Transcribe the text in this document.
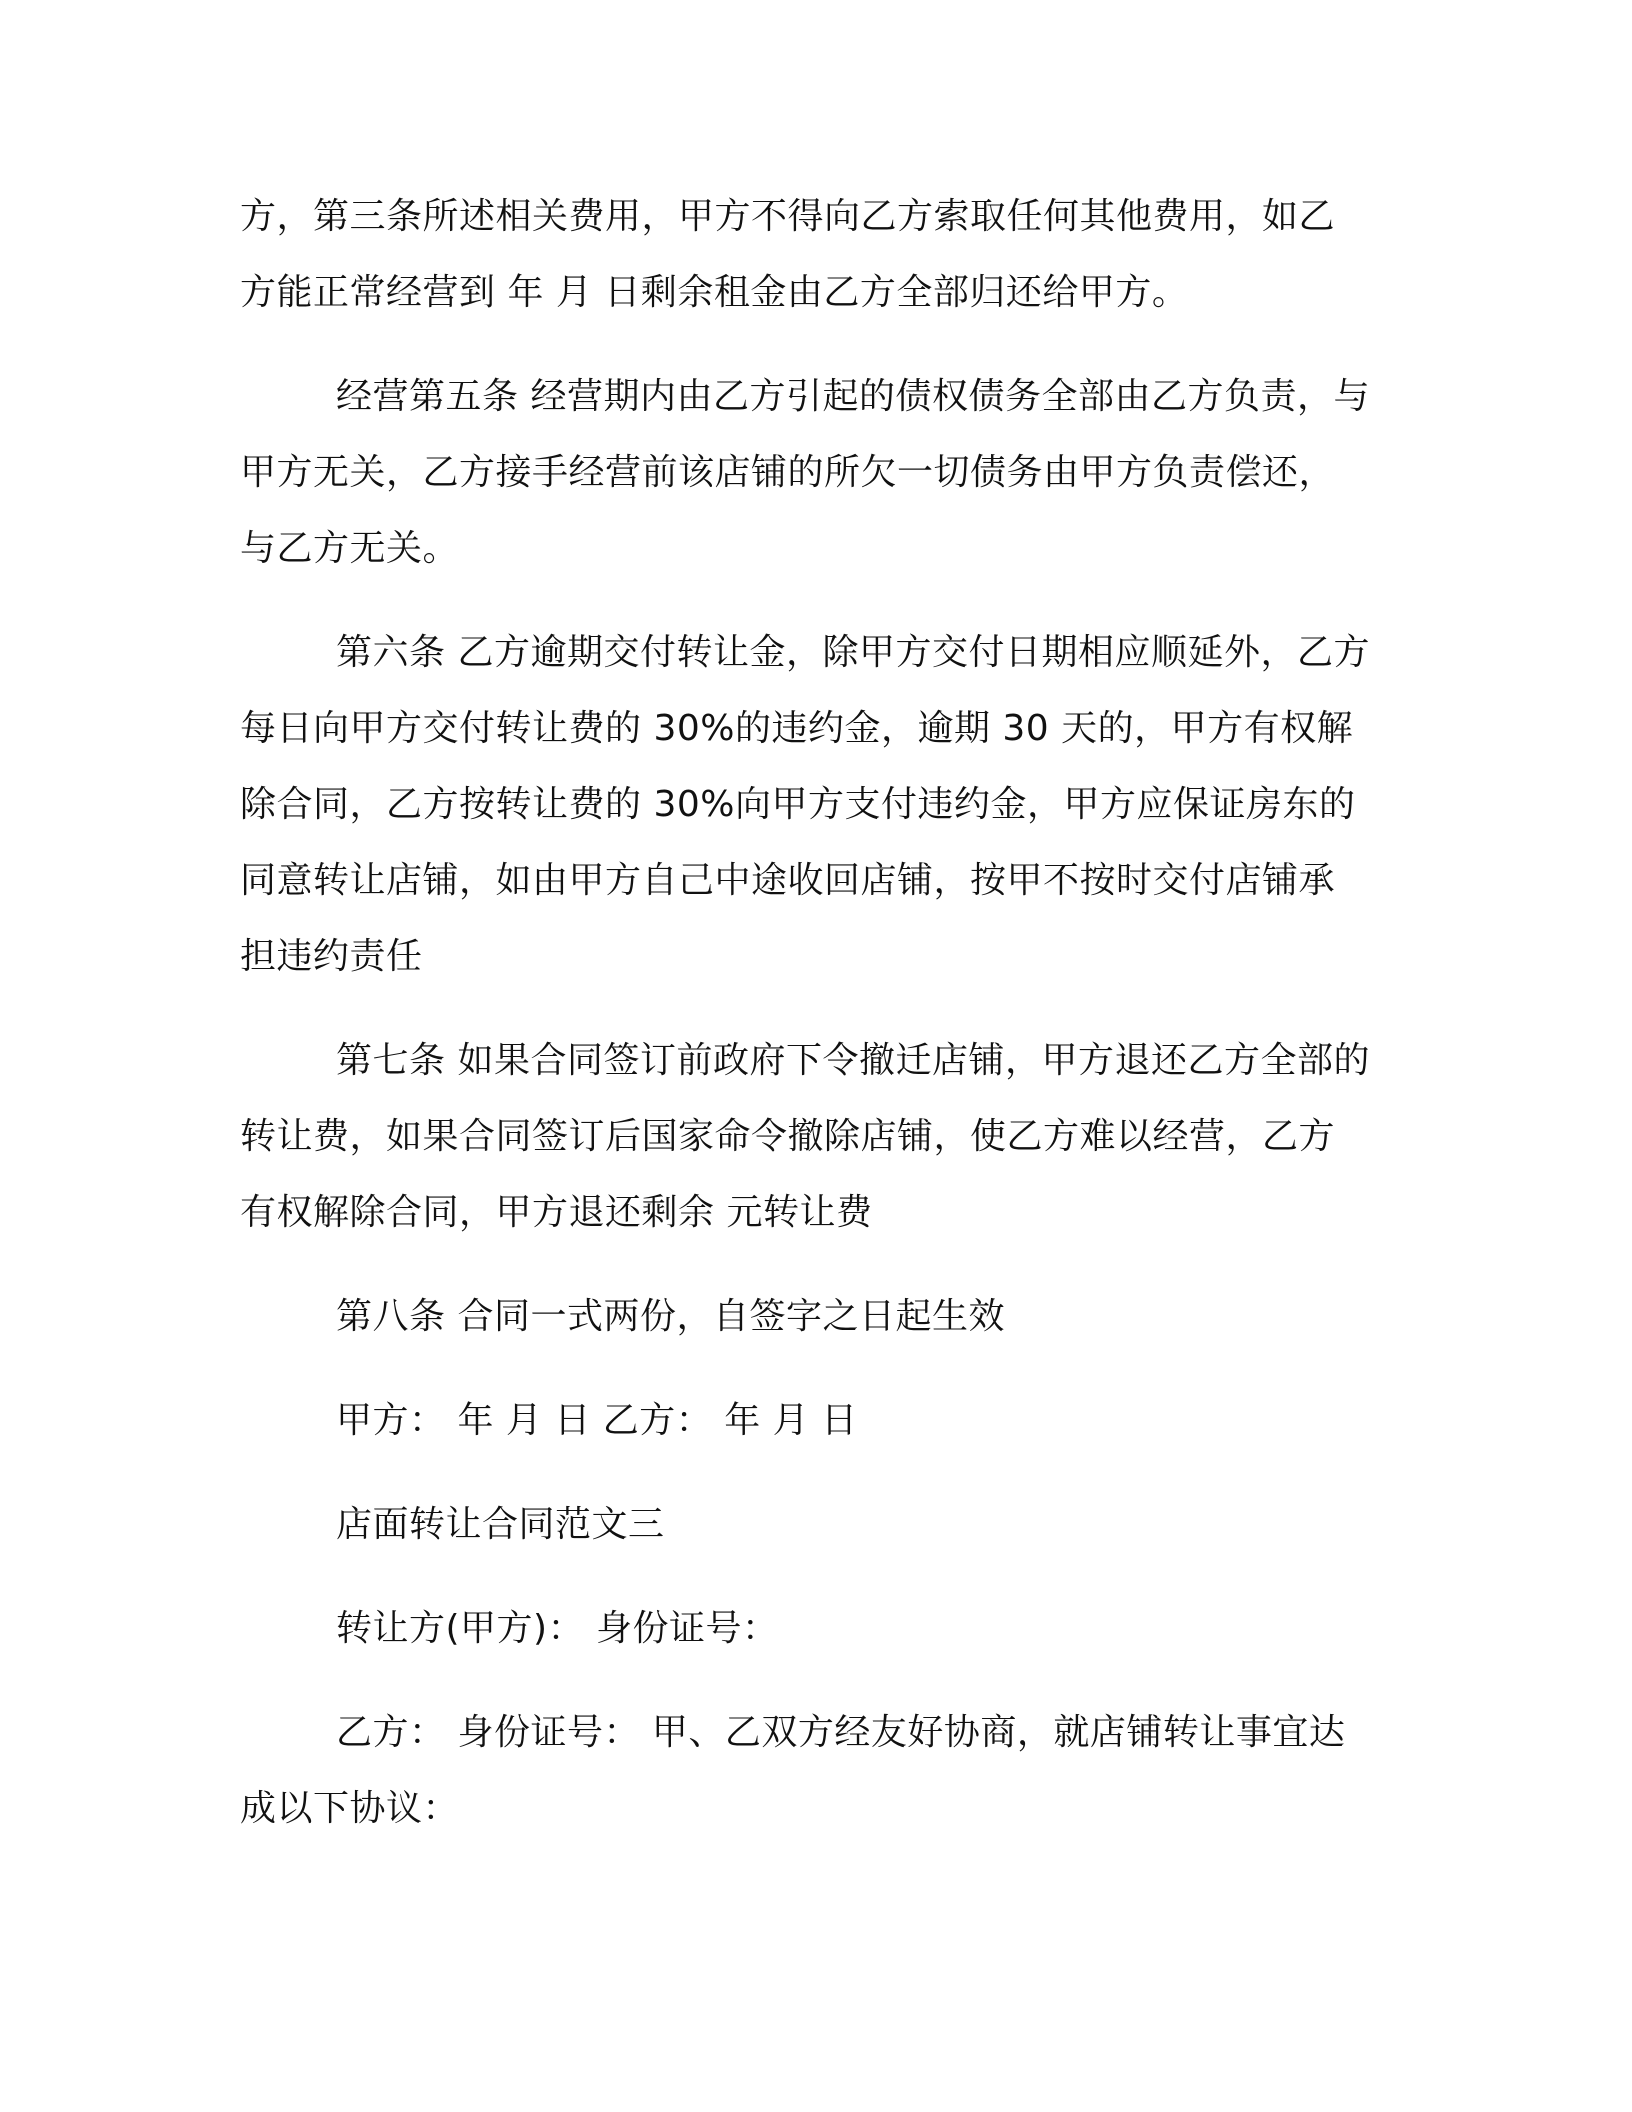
方，第三条所述相关费用，甲方不得向乙方索取任何其他费用，如乙

方能正常经营到 年 月 日剩余租金由乙方全部归还给甲方。

经营第五条 经营期内由乙方引起的债权债务全部由乙方负责，与

甲方无关，乙方接手经营前该店铺的所欠一切债务由甲方负责偿还，

与乙方无关。

第六条 乙方逾期交付转让金，除甲方交付日期相应顺延外，乙方

每日向甲方交付转让费的 30%的违约金，逾期 30 天的，甲方有权解

除合同，乙方按转让费的 30%向甲方支付违约金，甲方应保证房东的

同意转让店铺，如由甲方自己中途收回店铺，按甲不按时交付店铺承

担违约责任

第七条 如果合同签订前政府下令撤迁店铺，甲方退还乙方全部的

转让费，如果合同签订后国家命令撤除店铺，使乙方难以经营，乙方

有权解除合同，甲方退还剩余 元转让费

第八条 合同一式两份，自签字之日起生效

甲方： 年 月 日 乙方： 年 月 日

店面转让合同范文三

转让方(甲方)： 身份证号：

乙方： 身份证号： 甲、乙双方经友好协商，就店铺转让事宜达

成以下协议：
